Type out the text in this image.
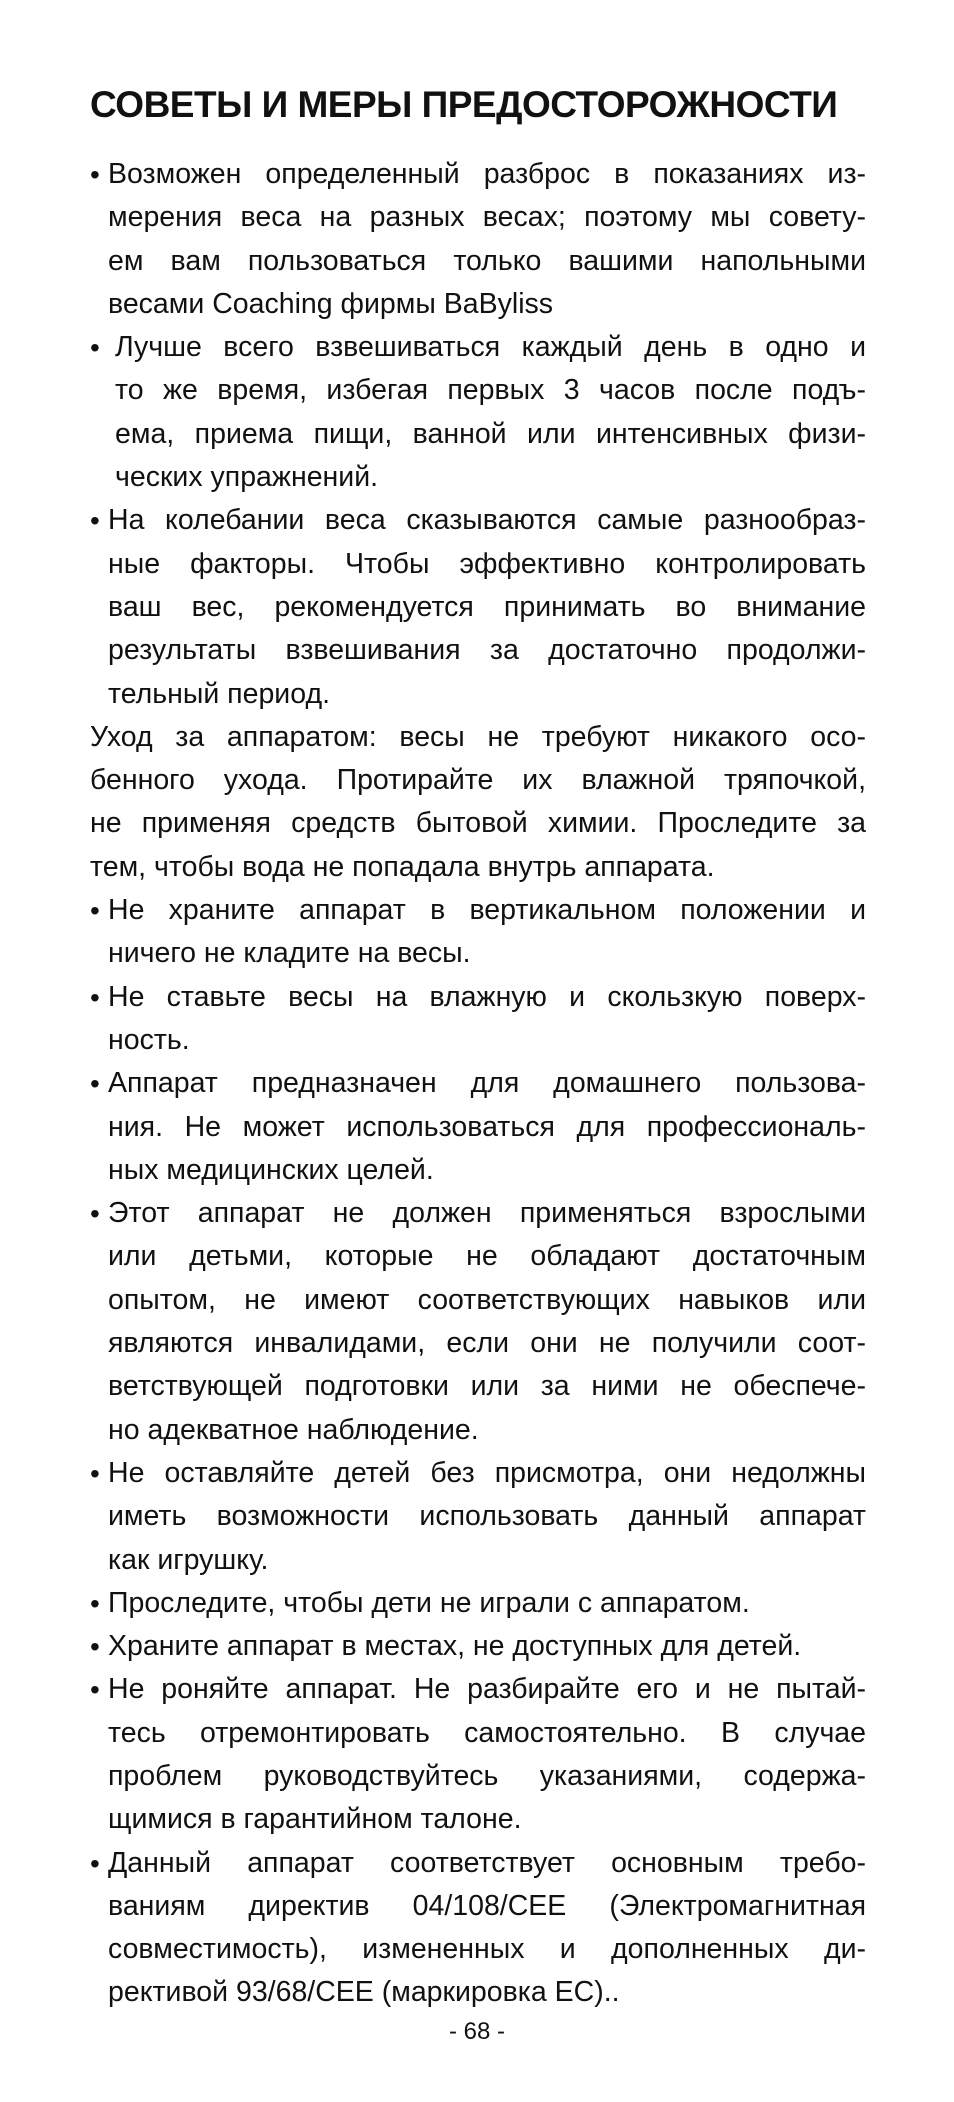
СОВЕТЫ И МЕРЫ ПРЕДОСТОРОЖНОСТИ
• Возможен определенный разброс в показаниях из-
мерения веса на разных весах; поэтому мы совету-
ем вам пользоваться только вашими напольными
весами Coaching фирмы BaByliss
• Лучше всего взвешиваться каждый день в одно и
то же время, избегая первых 3 часов после подъ-
ема, приема пищи, ванной или интенсивных физи-
ческих упражнений.
• На колебании веса сказываются самые разнообраз-
ные факторы. Чтобы эффективно контролировать
ваш вес, рекомендуется принимать во внимание
результаты взвешивания за достаточно продолжи-
тельный период.
Уход за аппаратом: весы не требуют никакого осо-
бенного ухода. Протирайте их влажной тряпочкой,
не применяя средств бытовой химии. Проследите за
тем, чтобы вода не попадала внутрь аппарата.
• Не храните аппарат в вертикальном положении и
ничего не кладите на весы.
• Не ставьте весы на влажную и скользкую поверх-
ность.
• Аппарат предназначен для домашнего пользова-
ния. Не может использоваться для профессиональ-
ных медицинских целей.
• Этот аппарат не должен применяться взрослыми
или детьми, которые не обладают достаточным
опытом, не имеют соответствующих навыков или
являются инвалидами, если они не получили соот-
ветствующей подготовки или за ними не обеспече-
но адекватное наблюдение.
• Не оставляйте детей без присмотра, они недолжны
иметь возможности использовать данный аппарат
как игрушку.
• Проследите, чтобы дети не играли с аппаратом.
• Храните аппарат в местах, не доступных для детей.
• Не роняйте аппарат. Не разбирайте его и не пытай-
тесь отремонтировать самостоятельно. В случае
проблем руководствуйтесь указаниями, содержа-
щимися в гарантийном талоне.
• Данный аппарат соответствует основным требо-
ваниям директив 04/108/CEE (Электромагнитная
совместимость), измененных и дополненных ди-
рективой 93/68/CEE (маркировка ЕС)..
- 68 -
